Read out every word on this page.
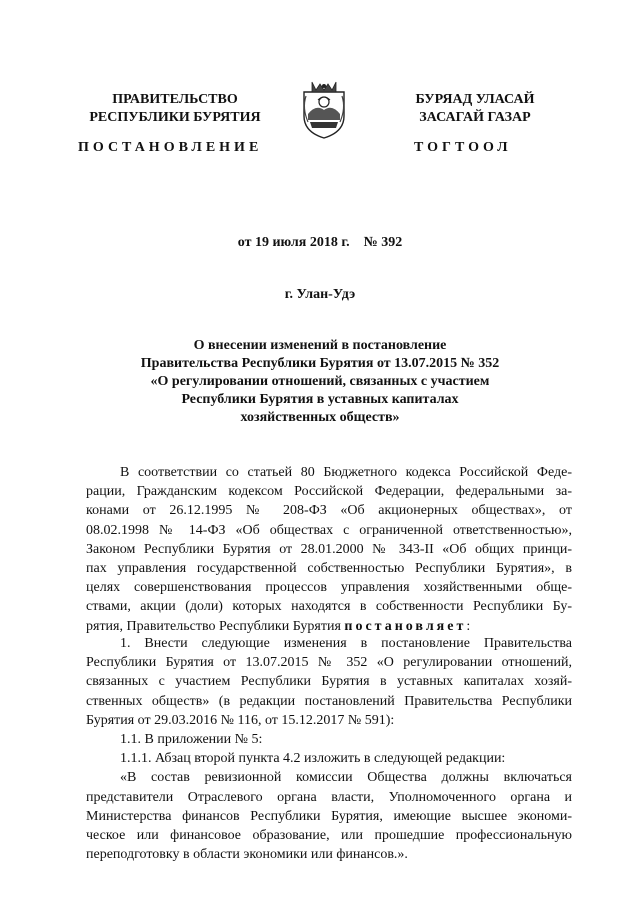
ПРАВИТЕЛЬСТВО
РЕСПУБЛИКИ БУРЯТИЯ
БУРЯАД УЛАСАЙ
ЗАСАГАЙ ГАЗАР
ПОСТАНОВЛЕНИЕ	ТОГТООЛ
от 19 июля 2018 г. № 392
г. Улан-Удэ
О внесении изменений в постановление
Правительства Республики Бурятия от 13.07.2015 № 352
«О регулировании отношений, связанных с участием
Республики Бурятия в уставных капиталах
хозяйственных обществ»
В соответствии со статьей 80 Бюджетного кодекса Российской Феде-
рации, Гражданским кодексом Российской Федерации, федеральными за-
конами от 26.12.1995 № 208-ФЗ «Об акционерных обществах», от
08.02.1998 № 14-ФЗ «Об обществах с ограниченной ответственностью»,
Законом Республики Бурятия от 28.01.2000 № 343-II «Об общих принци-
пах управления государственной собственностью Республики Бурятия», в
целях совершенствования процессов управления хозяйственными обще-
ствами, акции (доли) которых находятся в собственности Республики Бу-
рятия, Правительство Республики Бурятия постановляет:
1. Внести следующие изменения в постановление Правительства
Республики Бурятия от 13.07.2015 № 352 «О регулировании отношений,
связанных с участием Республики Бурятия в уставных капиталах хозяй-
ственных обществ» (в редакции постановлений Правительства Республики
Бурятия от 29.03.2016 № 116, от 15.12.2017 № 591):
1.1. В приложении № 5:
1.1.1. Абзац второй пункта 4.2 изложить в следующей редакции:
«В состав ревизионной комиссии Общества должны включаться
представители Отраслевого органа власти, Уполномоченного органа и
Министерства финансов Республики Бурятия, имеющие высшее экономи-
ческое или финансовое образование, или прошедшие профессиональную
переподготовку в области экономики или финансов.».
